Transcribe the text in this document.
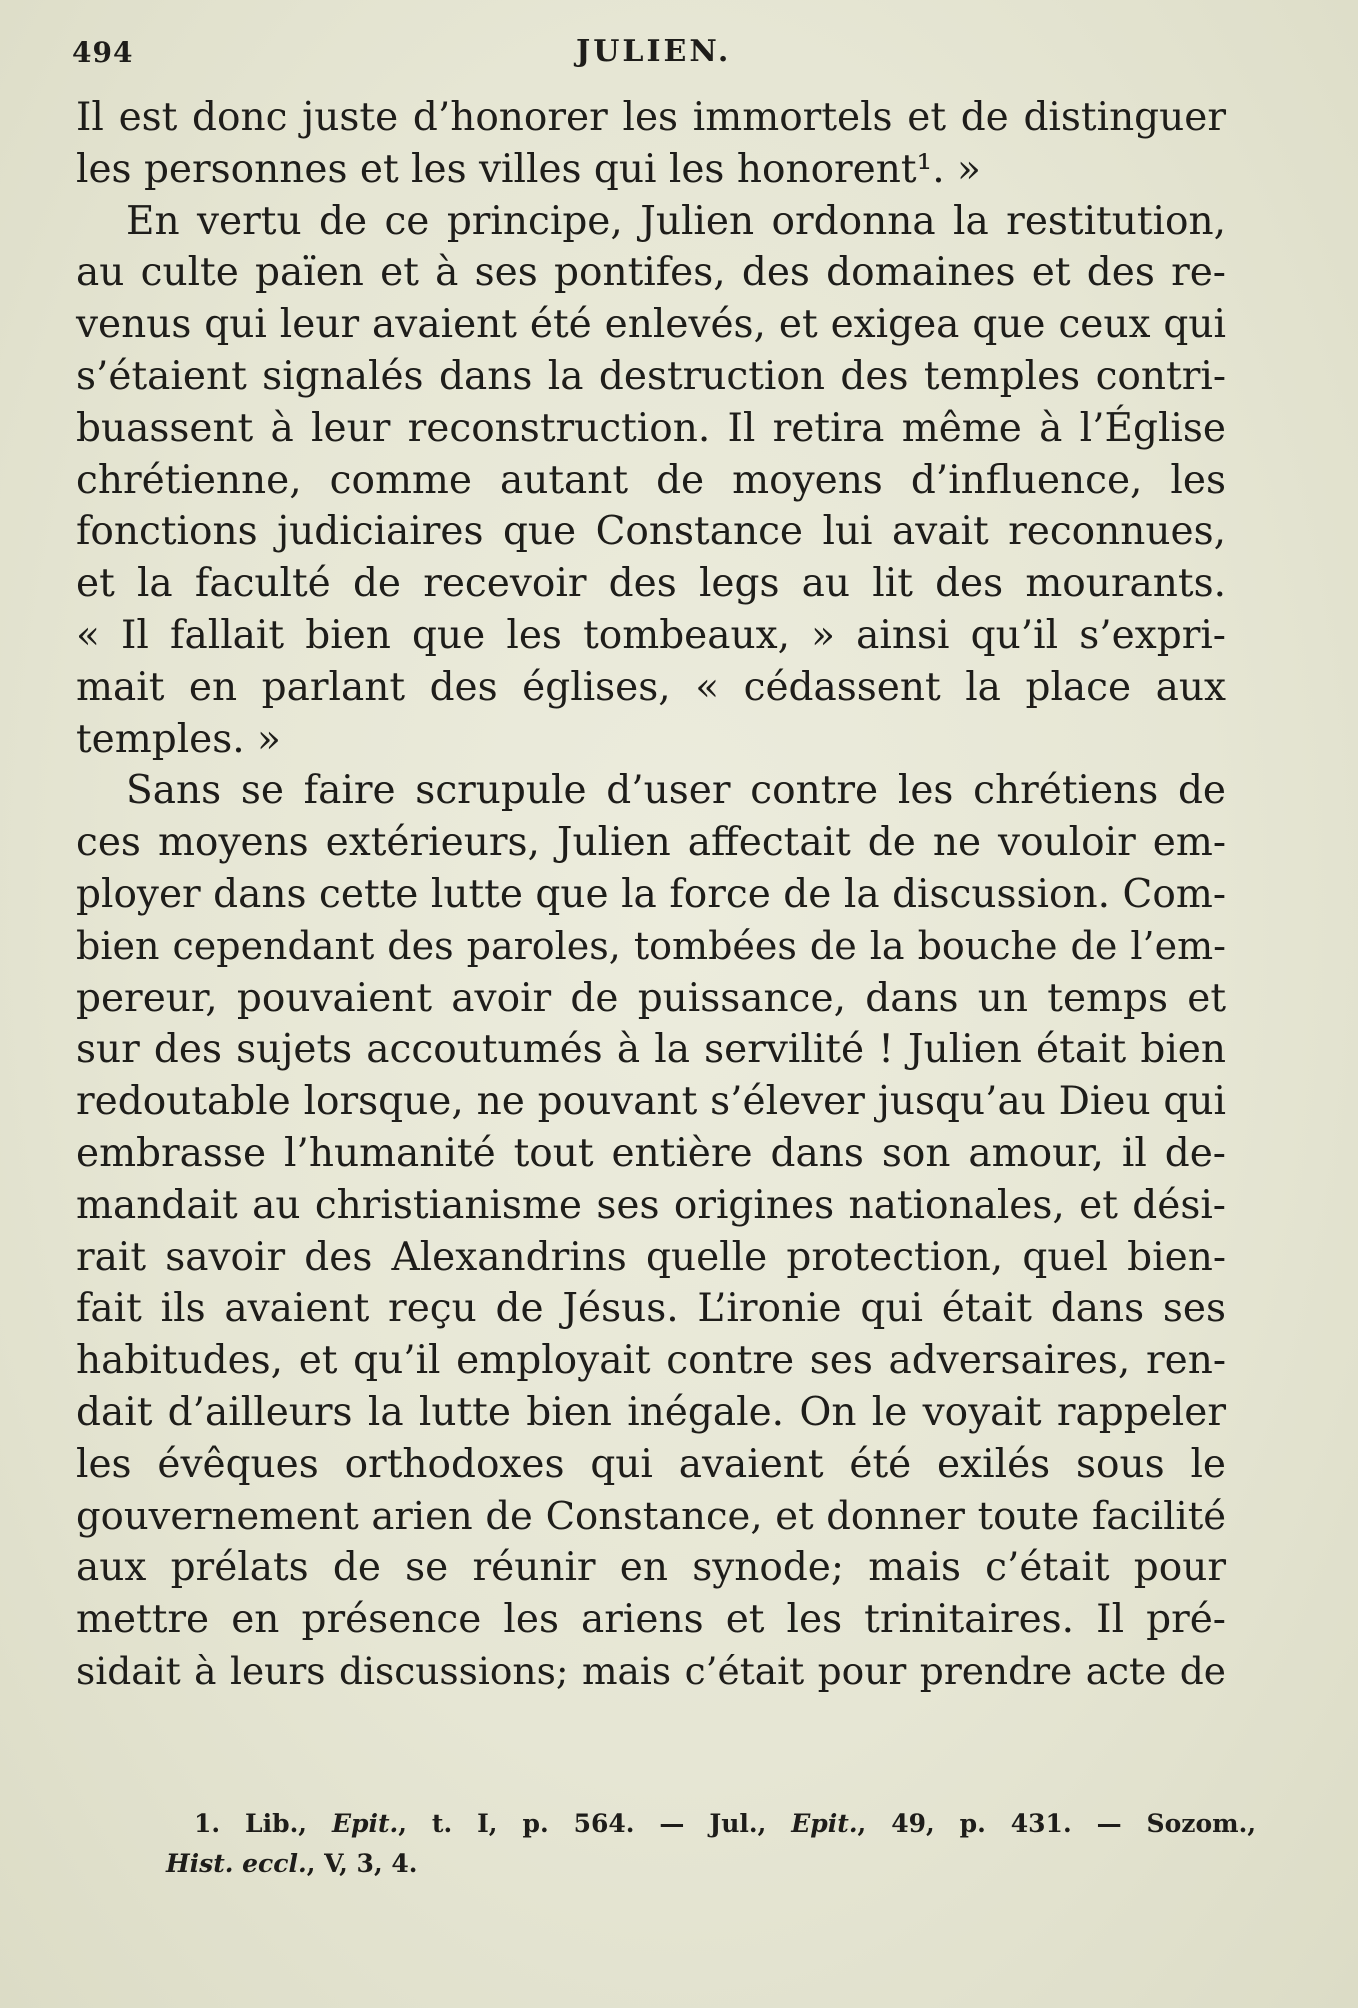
494	JULIEN.
Il est donc juste d’honorer les immortels et de distinguer
les personnes et les villes qui les honorent¹. »
En vertu de ce principe, Julien ordonna la restitution,
au culte païen et à ses pontifes, des domaines et des re-
venus qui leur avaient été enlevés, et exigea que ceux qui
s’étaient signalés dans la destruction des temples contri-
buassent à leur reconstruction. Il retira même à l’Église
chrétienne, comme autant de moyens d’influence, les
fonctions judiciaires que Constance lui avait reconnues,
et la faculté de recevoir des legs au lit des mourants.
« Il fallait bien que les tombeaux, » ainsi qu’il s’expri-
mait en parlant des églises, « cédassent la place aux
temples. »
Sans se faire scrupule d’user contre les chrétiens de
ces moyens extérieurs, Julien affectait de ne vouloir em-
ployer dans cette lutte que la force de la discussion. Com-
bien cependant des paroles, tombées de la bouche de l’em-
pereur, pouvaient avoir de puissance, dans un temps et
sur des sujets accoutumés à la servilité ! Julien était bien
redoutable lorsque, ne pouvant s’élever jusqu’au Dieu qui
embrasse l’humanité tout entière dans son amour, il de-
mandait au christianisme ses origines nationales, et dési-
rait savoir des Alexandrins quelle protection, quel bien-
fait ils avaient reçu de Jésus. L’ironie qui était dans ses
habitudes, et qu’il employait contre ses adversaires, ren-
dait d’ailleurs la lutte bien inégale. On le voyait rappeler
les évêques orthodoxes qui avaient été exilés sous le
gouvernement arien de Constance, et donner toute facilité
aux prélats de se réunir en synode; mais c’était pour
mettre en présence les ariens et les trinitaires. Il pré-
sidait à leurs discussions; mais c’était pour prendre acte de
1. Lib., Epit., t. I, p. 564. — Jul., Epit., 49, p. 431. — Sozom.,
Hist. eccl., V, 3, 4.
